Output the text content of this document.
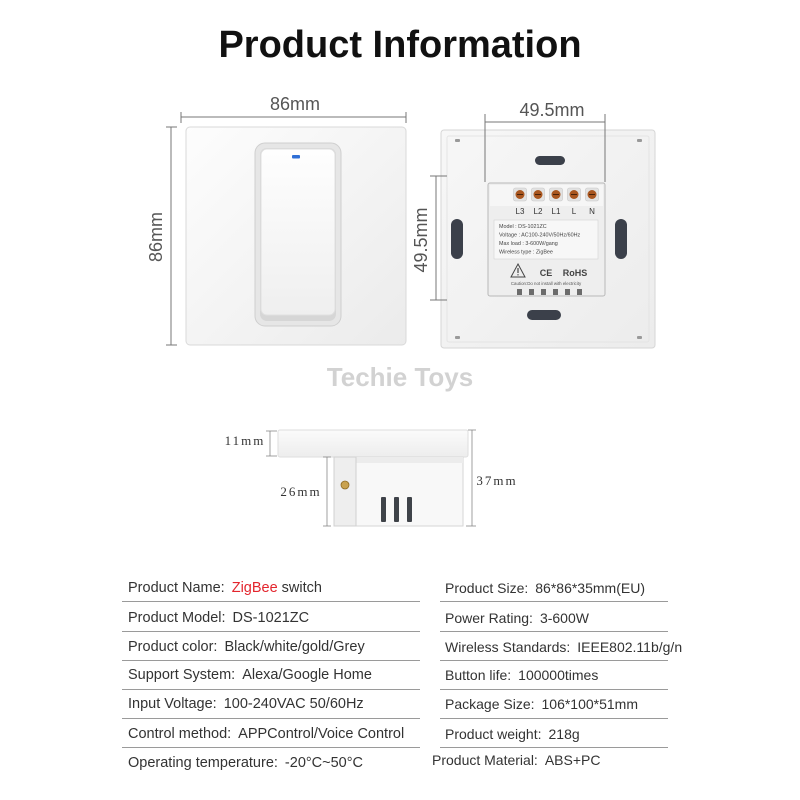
Product Information
86mm
86mm
L3 L2 L1 L N
Model : DS-1021ZC
Voltage : AC100-240V/50Hz/60Hz
Max load : 3-600W/gang
Wireless type : ZigBee
CE RoHS
Caution:Do not install with electricity
49.5mm
49.5mm
Techie Toys
11mm
26mm
37mm
Product Name: ZigBee switch	Product Size: 86*86*35mm(EU)
Product Model: DS-1021ZC	Power Rating: 3-600W
Product color: Black/white/gold/Grey	Wireless Standards: IEEE802.11b/g/n
Support System: Alexa/Google Home	Button life: 100000times
Input Voltage: 100-240VAC 50/60Hz	Package Size: 106*100*51mm
Control method: APPControl/Voice Control	Product weight: 218g
Operating temperature: -20°C~50°C	Product Material: ABS+PC
